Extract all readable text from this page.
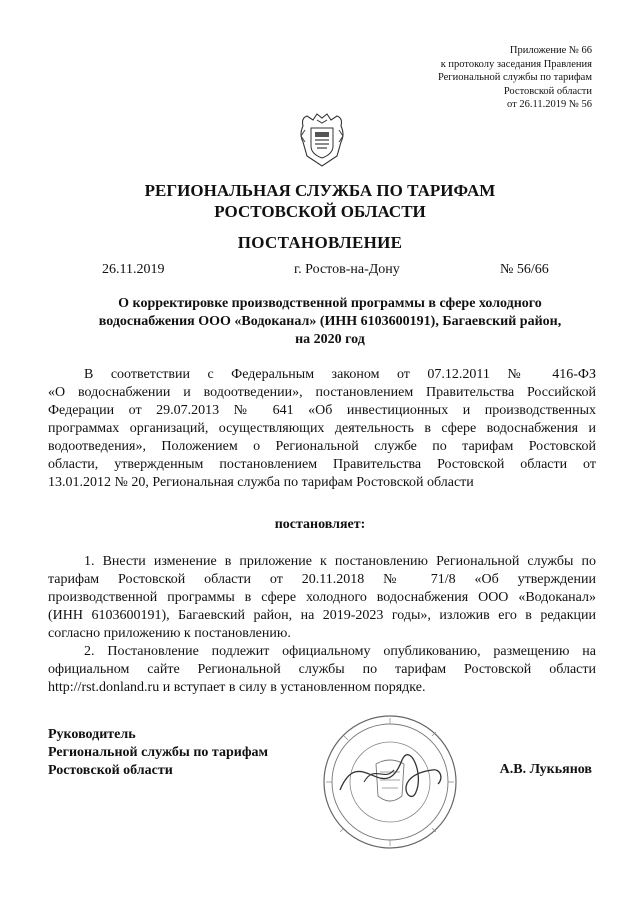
Приложение № 66
к протоколу заседания Правления
Региональной службы по тарифам
Ростовской области
от 26.11.2019 № 56
РЕГИОНАЛЬНАЯ СЛУЖБА ПО ТАРИФАМ
РОСТОВСКОЙ ОБЛАСТИ
ПОСТАНОВЛЕНИЕ
26.11.2019	г. Ростов-на-Дону	№ 56/66
О корректировке производственной программы в сфере холодного
водоснабжения ООО «Водоканал» (ИНН 6103600191), Багаевский район,
на 2020 год
В соответствии с Федеральным законом от 07.12.2011 № 416-ФЗ
«О водоснабжении и водоотведении», постановлением Правительства Российской
Федерации от 29.07.2013 № 641 «Об инвестиционных и производственных
программах организаций, осуществляющих деятельность в сфере водоснабжения и
водоотведения», Положением о Региональной службе по тарифам Ростовской
области, утвержденным постановлением Правительства Ростовской области от
13.01.2012 № 20, Региональная служба по тарифам Ростовской области
постановляет:
1. Внести изменение в приложение к постановлению Региональной службы по
тарифам Ростовской области от 20.11.2018 № 71/8 «Об утверждении
производственной программы в сфере холодного водоснабжения ООО «Водоканал»
(ИНН 6103600191), Багаевский район, на 2019-2023 годы», изложив его в редакции
согласно приложению к постановлению.
2. Постановление подлежит официальному опубликованию, размещению на
официальном сайте Региональной службы по тарифам Ростовской области
http://rst.donland.ru и вступает в силу в установленном порядке.
Руководитель
Региональной службы по тарифам
Ростовской области	А.В. Лукьянов
